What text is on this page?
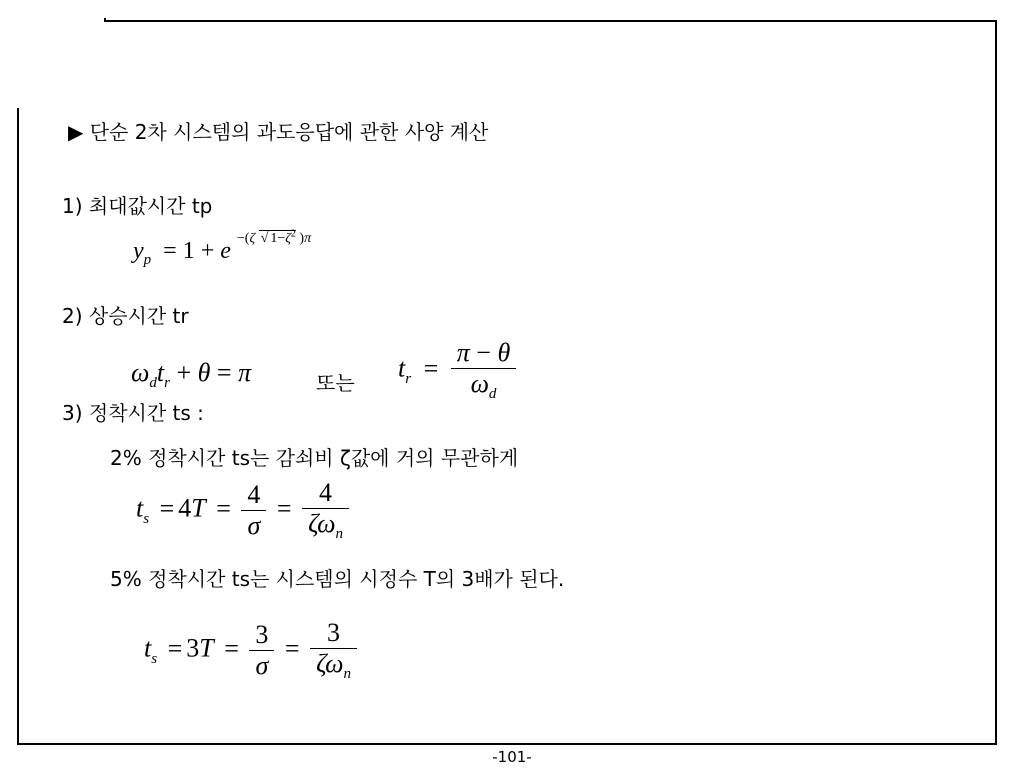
▶ 단순 2차 시스템의 과도응답에 관한 사양 계산
1) 최대값시간 tp
$y_p = 1 + e$ $^{-(\zeta √ 1-\zeta^2 )\pi}$
2) 상승시간 tr
$\omega_dt_r + \theta = \pi$	또는
$t_r = \frac{\pi - \theta}{\omega_d}$
3) 정착시간 ts :
2% 정착시간 ts는 감쇠비 ζ값에 거의 무관하게
$t_s = 4T = \frac{4}{\sigma} = \frac{4}{\zeta\omega_n}$
5% 정착시간 ts는 시스템의 시정수 T의 3배가 된다.
$t_s = 3T = \frac{3}{\sigma} = \frac{3}{\zeta\omega_n}$
-101-
